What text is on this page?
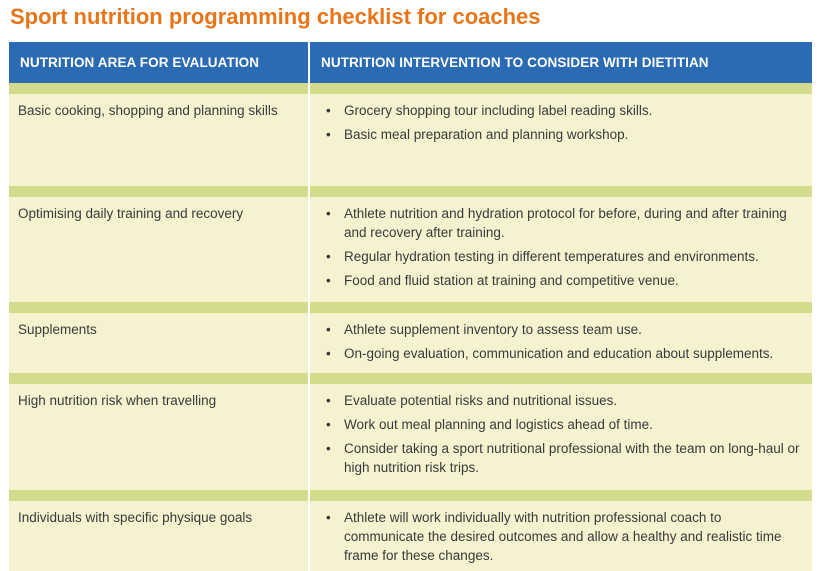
Sport nutrition programming checklist for coaches
NUTRITION AREA FOR EVALUATION	NUTRITION INTERVENTION TO CONSIDER WITH DIETITIAN
Basic cooking, shopping and planning skills	• Grocery shopping tour including label reading skills.
• Basic meal preparation and planning workshop.
Optimising daily training and recovery	• Athlete nutrition and hydration protocol for before, during and after training and recovery after training.
• Regular hydration testing in different temperatures and environments.
• Food and fluid station at training and competitive venue.
Supplements	• Athlete supplement inventory to assess team use.
• On-going evaluation, communication and education about supplements.
High nutrition risk when travelling	• Evaluate potential risks and nutritional issues.
• Work out meal planning and logistics ahead of time.
• Consider taking a sport nutritional professional with the team on long-haul or high nutrition risk trips.
Individuals with specific physique goals	• Athlete will work individually with nutrition professional coach to communicate the desired outcomes and allow a healthy and realistic time frame for these changes.
